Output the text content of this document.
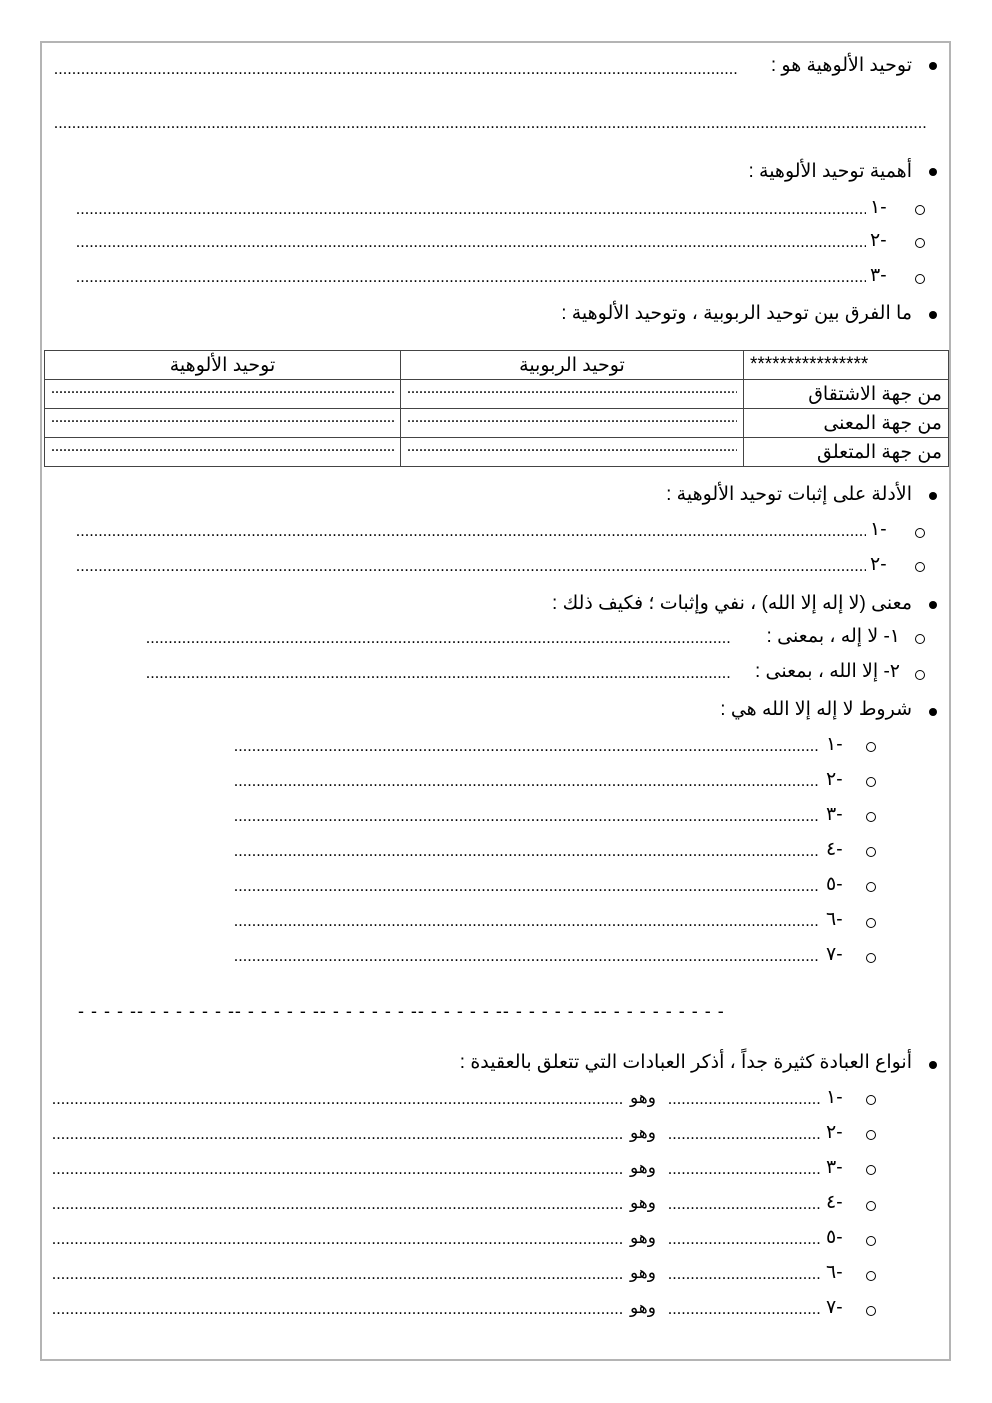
توحيد الألوهية هو :
.....
.....
أهمية توحيد الألوهية :
١-
.....
٢-
.....
٣-
.....
ما الفرق بين توحيد الربوبية ، وتوحيد الألوهية :
****************	توحيد الربوبية	توحيد الألوهية
من جهة الاشتقاق	.....	.....
من جهة المعنى	.....	.....
من جهة المتعلق	.....	.....
الأدلة على إثبات توحيد الألوهية :
١-
.....
٢-
.....
معنى (لا إله إلا الله) ، نفي وإثبات ؛ فكيف ذلك :
١- لا إله ، بمعنى :
.....
٢- إلا الله ، بمعنى :
.....
شروط لا إله إلا الله هي :
١-
.....
٢-
.....
٣-
.....
٤-
.....
٥-
.....
٦-
.....
٧-
.....
- - - - -- - - - - - - -- - - - - - -- - - - - - - -- - - - - - -- - - - - - - -- - - - - - - - - -
أنواع العبادة كثيرة جداً ، أذكر العبادات التي تتعلق بالعقيدة :
١-
.....
وهو
.....
٢-
.....
وهو
.....
٣-
.....
وهو
.....
٤-
.....
وهو
.....
٥-
.....
وهو
.....
٦-
.....
وهو
.....
٧-
.....
وهو
.....
